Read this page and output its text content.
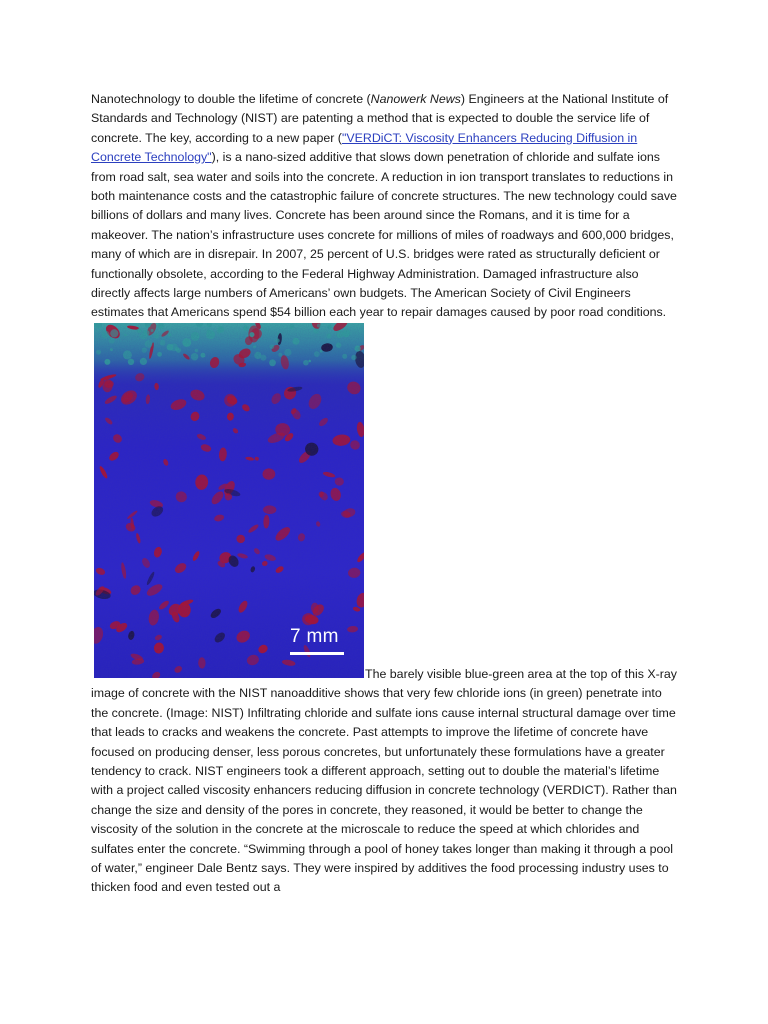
Nanotechnology to double the lifetime of concrete (Nanowerk News) Engineers at the National Institute of Standards and Technology (NIST) are patenting a method that is expected to double the service life of concrete. The key, according to a new paper ("VERDiCT: Viscosity Enhancers Reducing Diffusion in Concrete Technology"), is a nano-sized additive that slows down penetration of chloride and sulfate ions from road salt, sea water and soils into the concrete. A reduction in ion transport translates to reductions in both maintenance costs and the catastrophic failure of concrete structures. The new technology could save billions of dollars and many lives. Concrete has been around since the Romans, and it is time for a makeover. The nation’s infrastructure uses concrete for millions of miles of roadways and 600,000 bridges, many of which are in disrepair. In 2007, 25 percent of U.S. bridges were rated as structurally deficient or functionally obsolete, according to the Federal Highway Administration. Damaged infrastructure also directly affects large numbers of Americans’ own budgets. The American Society of Civil Engineers estimates that Americans spend $54 billion each year to repair damages caused by poor road conditions.
7 mm
The barely visible blue-green area at the top of this X-ray image of concrete with the NIST nanoadditive shows that very few chloride ions (in green) penetrate into the concrete. (Image: NIST) Infiltrating chloride and sulfate ions cause internal structural damage over time that leads to cracks and weakens the concrete. Past attempts to improve the lifetime of concrete have focused on producing denser, less porous concretes, but unfortunately these formulations have a greater tendency to crack. NIST engineers took a different approach, setting out to double the material’s lifetime with a project called viscosity enhancers reducing diffusion in concrete technology (VERDICT). Rather than change the size and density of the pores in concrete, they reasoned, it would be better to change the viscosity of the solution in the concrete at the microscale to reduce the speed at which chlorides and sulfates enter the concrete. “Swimming through a pool of honey takes longer than making it through a pool of water,” engineer Dale Bentz says. They were inspired by additives the food processing industry uses to thicken food and even tested out a
